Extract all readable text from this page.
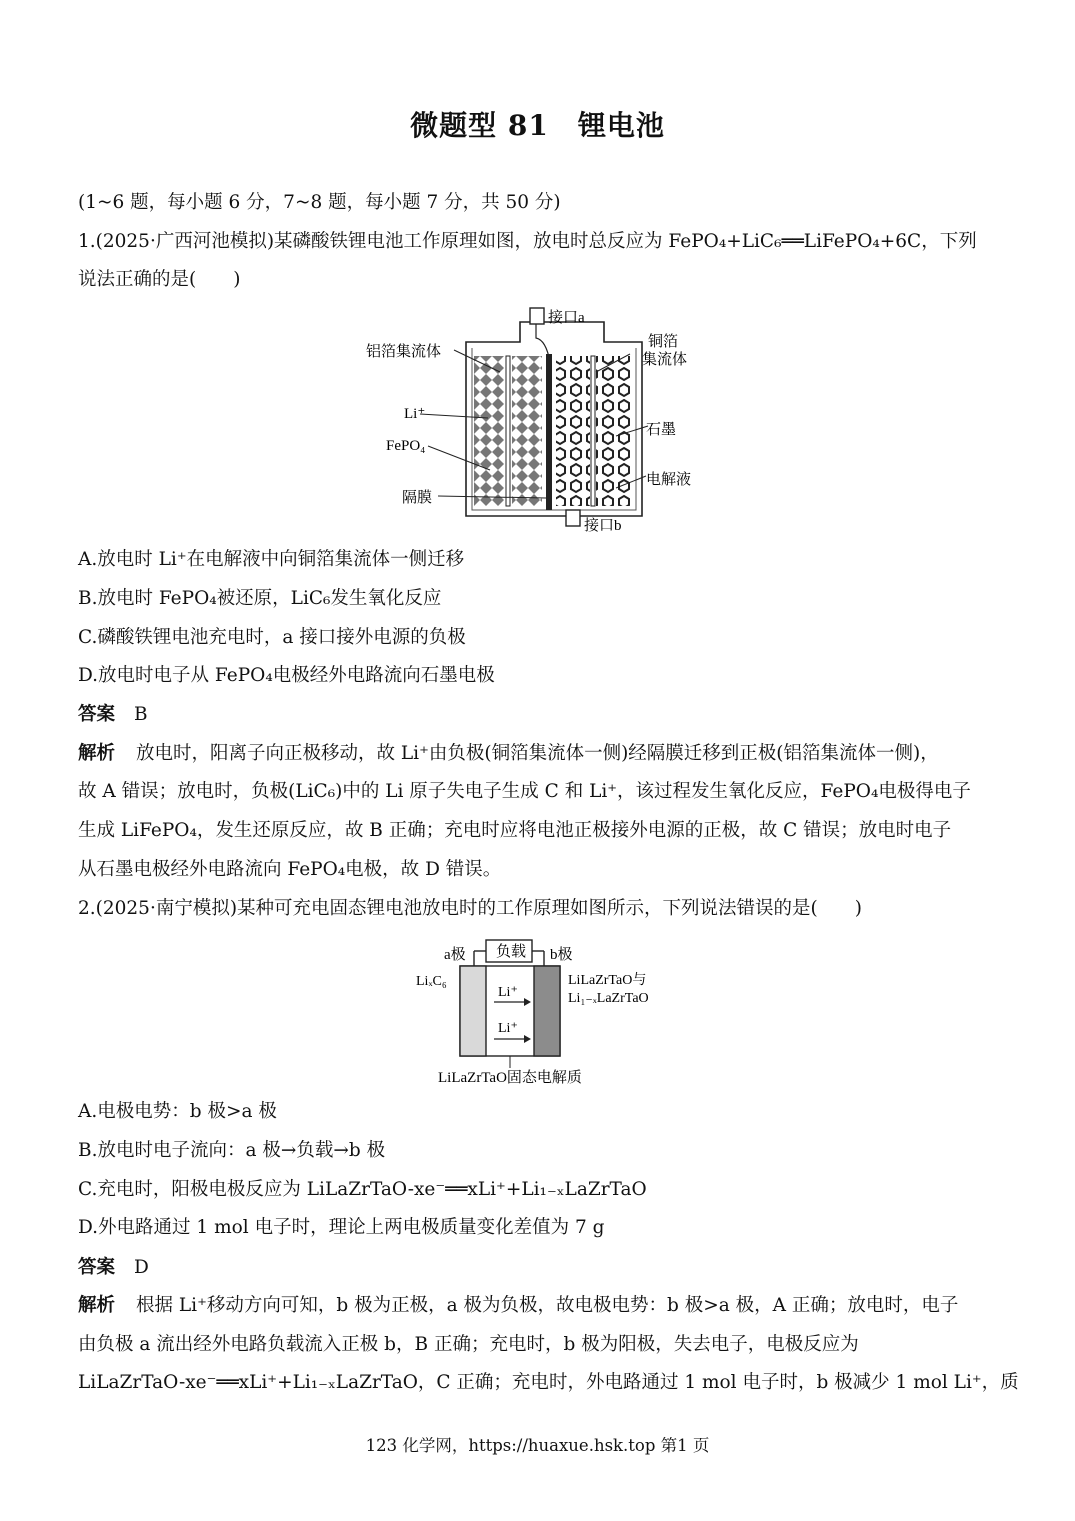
微题型 81　锂电池
(1~6 题，每小题 6 分，7~8 题，每小题 7 分，共 50 分)
1.(2025·广西河池模拟)某磷酸铁锂电池工作原理如图，放电时总反应为 FePO₄+LiC₆══LiFePO₄+6C，下列
说法正确的是(　　)
接口a
接口b
铝箔集流体
铜箔
集流体
Li⁺
FePO₄
石墨
电解液
隔膜
A.放电时 Li⁺在电解液中向铜箔集流体一侧迁移
B.放电时 FePO₄被还原，LiC₆发生氧化反应
C.磷酸铁锂电池充电时，a 接口接外电源的负极
D.放电时电子从 FePO₄电极经外电路流向石墨电极
答案 B
解析 放电时，阳离子向正极移动，故 Li⁺由负极(铜箔集流体一侧)经隔膜迁移到正极(铝箔集流体一侧)，
故 A 错误；放电时，负极(LiC₆)中的 Li 原子失电子生成 C 和 Li⁺，该过程发生氧化反应，FePO₄电极得电子
生成 LiFePO₄，发生还原反应，故 B 正确；充电时应将电池正极接外电源的正极，故 C 错误；放电时电子
从石墨电极经外电路流向 FePO₄电极，故 D 错误。
2.(2025·南宁模拟)某种可充电固态锂电池放电时的工作原理如图所示，下列说法错误的是(　　)
负载
a极	b极
LiₓC₆	LiLaZrTaO与
Li₁₋ₓLaZrTaO
Li⁺
Li⁺
LiLaZrTaO固态电解质
A.电极电势：b 极>a 极
B.放电时电子流向：a 极→负载→b 极
C.充电时，阳极电极反应为 LiLaZrTaO-xe⁻══xLi⁺+Li₁₋ₓLaZrTaO
D.外电路通过 1 mol 电子时，理论上两电极质量变化差值为 7 g
答案 D
解析 根据 Li⁺移动方向可知，b 极为正极，a 极为负极，故电极电势：b 极>a 极，A 正确；放电时，电子
由负极 a 流出经外电路负载流入正极 b，B 正确；充电时，b 极为阳极，失去电子，电极反应为
LiLaZrTaO-xe⁻══xLi⁺+Li₁₋ₓLaZrTaO，C 正确；充电时，外电路通过 1 mol 电子时，b 极减少 1 mol Li⁺，质
123 化学网，https://huaxue.hsk.top 第1 页
